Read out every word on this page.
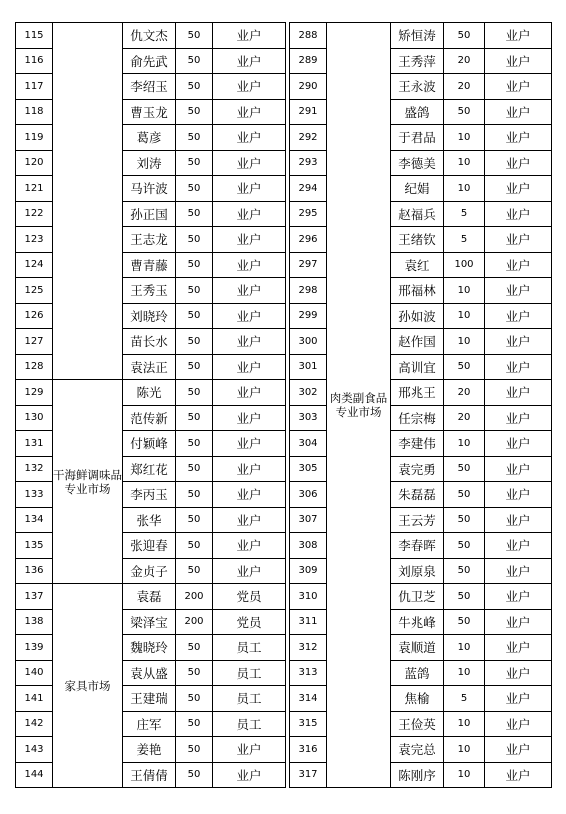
115		仇文杰	50	业户
116		俞先武	50	业户
117		李绍玉	50	业户
118		曹玉龙	50	业户
119		葛彦	50	业户
120		刘涛	50	业户
121		马许波	50	业户
122		孙正国	50	业户
123		王志龙	50	业户
124		曹青藤	50	业户
125		王秀玉	50	业户
126		刘晓玲	50	业户
127		苗长水	50	业户
128		袁法正	50	业户
129	干海鲜调味品专业市场	陈光	50	业户
130		范传新	50	业户
131		付颖峰	50	业户
132		郑红花	50	业户
133		李丙玉	50	业户
134		张华	50	业户
135		张迎春	50	业户
136		金贞子	50	业户
137	家具市场	袁磊	200	党员
138		梁泽宝	200	党员
139		魏晓玲	50	员工
140		袁从盛	50	员工
141		王建瑞	50	员工
142		庄军	50	员工
143		姜艳	50	业户
144		王倩倩	50	业户
288	肉类副食品专业市场	矫恒涛	50	业户
289		王秀萍	20	业户
290		王永波	20	业户
291		盛鸽	50	业户
292		于君品	10	业户
293		李德美	10	业户
294		纪娟	10	业户
295		赵福兵	5	业户
296		王绪钦	5	业户
297		袁红	100	业户
298		邢福林	10	业户
299		孙如波	10	业户
300		赵作国	10	业户
301		高训宜	50	业户
302		邢兆王	20	业户
303		任宗梅	20	业户
304		李建伟	10	业户
305		袁完勇	50	业户
306		朱磊磊	50	业户
307		王云芳	50	业户
308		李春晖	50	业户
309		刘原泉	50	业户
310		仇卫芝	50	业户
311		牛兆峰	50	业户
312		袁顺道	10	业户
313		蓝鸽	10	业户
314		焦榆	5	业户
315		王俭英	10	业户
316		袁完总	10	业户
317		陈刚序	10	业户
